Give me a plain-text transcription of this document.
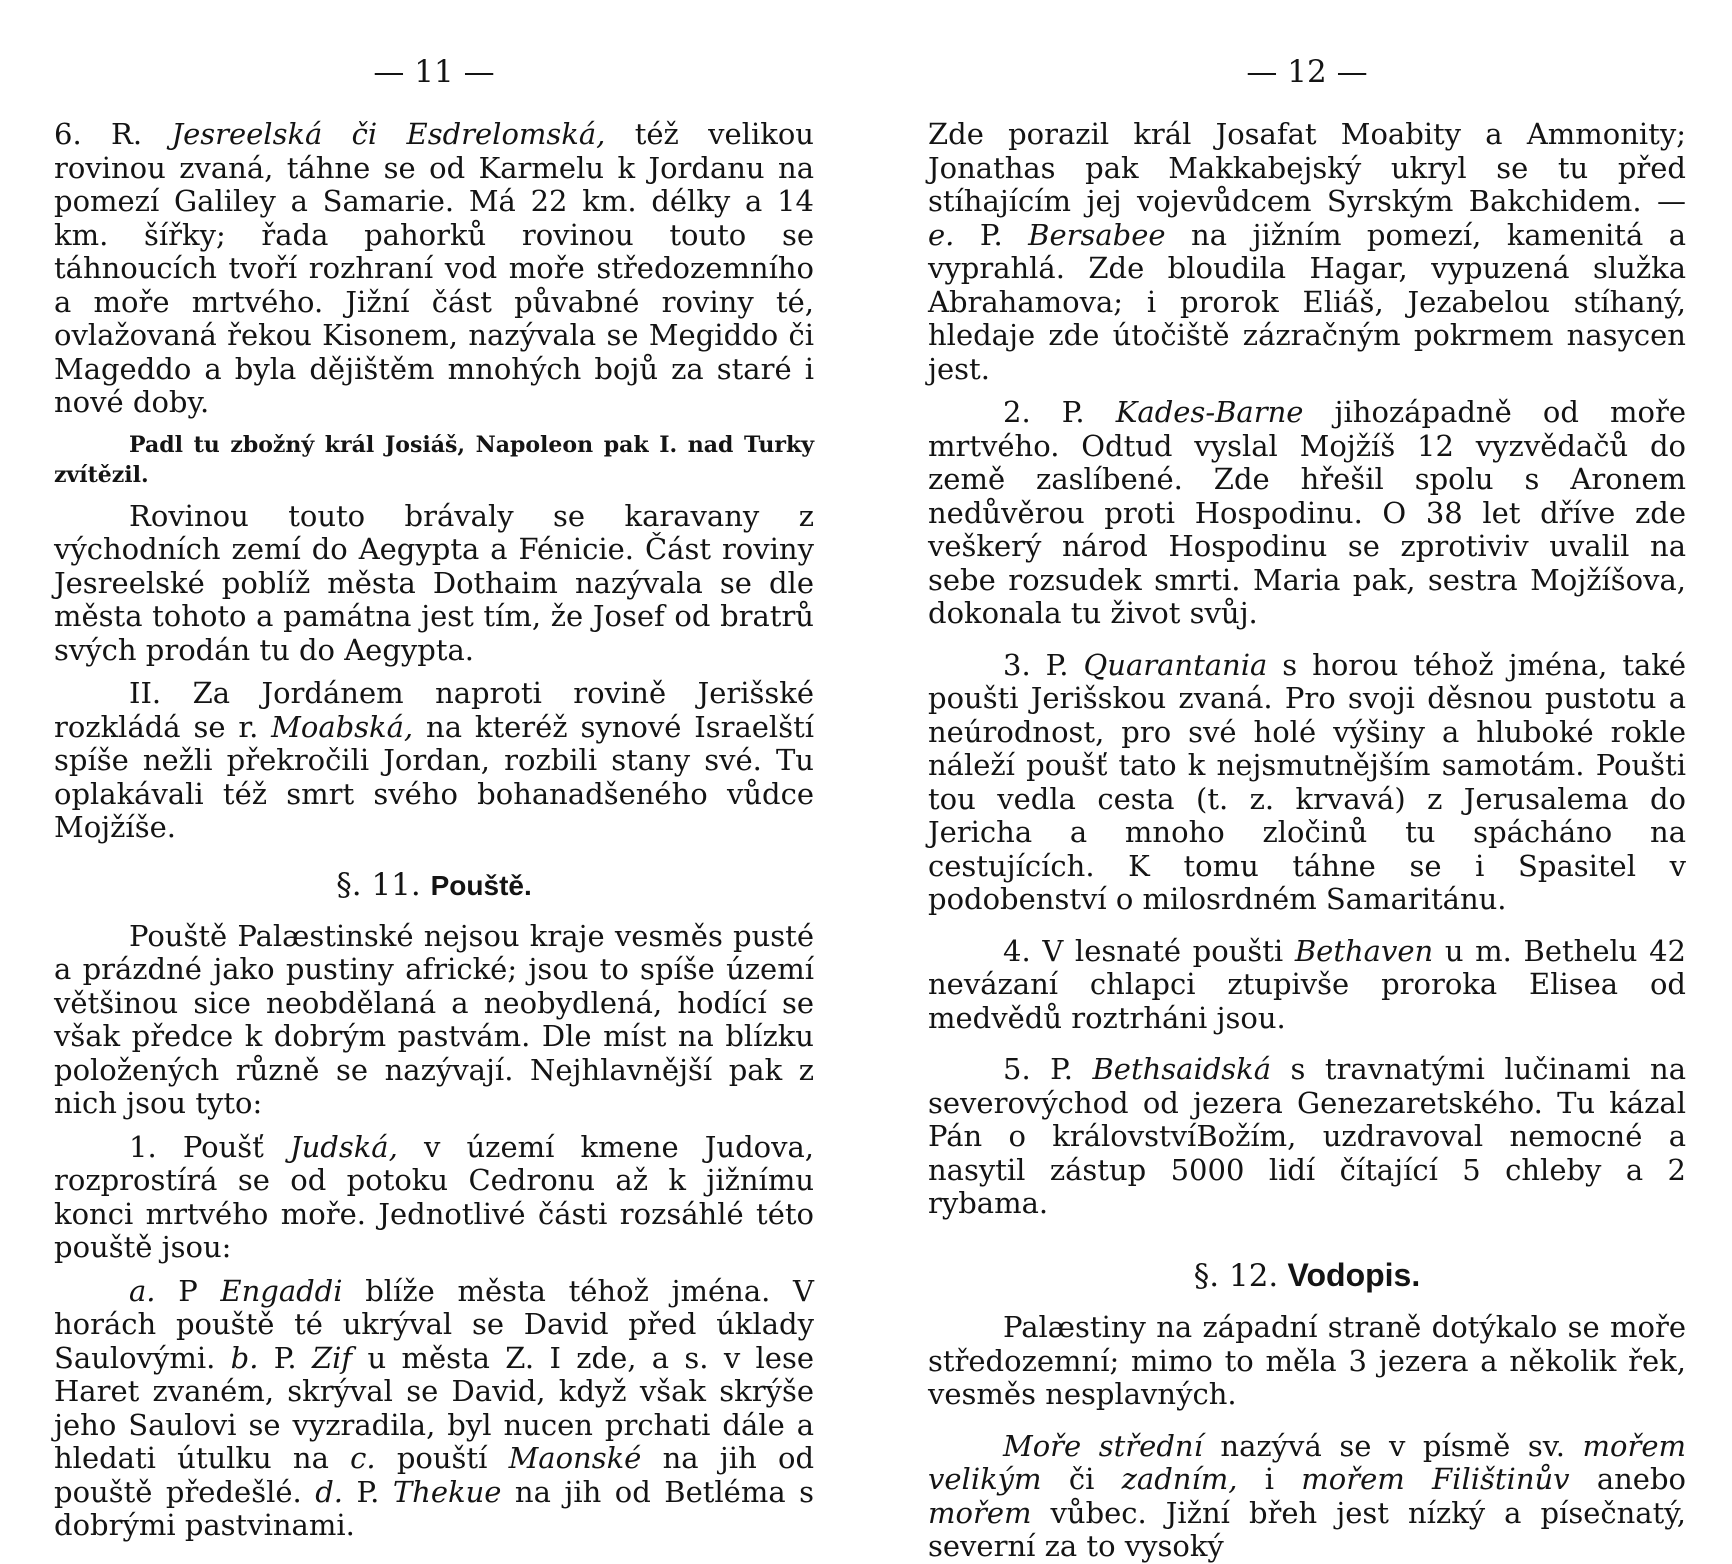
— 11 —

6. R. Jesreelská či Esdrelomská, též velikou rovinou zvaná, táhne se od Karmelu k Jordanu na pomezí Galiley a Samarie. Má 22 km. délky a 14 km. šířky; řada pahorků rovinou touto se táhnoucích tvoří rozhraní vod moře středozemního a moře mrtvého. Jižní část půvabné roviny té, ovlažovaná řekou Kisonem, nazývala se Megiddo či Mageddo a byla dějištěm mnohých bojů za staré i nové doby.

Padl tu zbožný král Josiáš, Napoleon pak I. nad Turky zvítězil.

Rovinou touto brávaly se karavany z východních zemí do Aegypta a Fénicie. Část roviny Jesreelské poblíž města Dothaim nazývala se dle města tohoto a památna jest tím, že Josef od bratrů svých prodán tu do Aegypta.

II. Za Jordánem naproti rovině Jerišské rozkládá se r. Moabská, na kteréž synové Israelští spíše nežli překročili Jordan, rozbili stany své. Tu oplakávali též smrt svého bohanadšeného vůdce Mojžíše.

§. 11. Pouště.

Pouště Palæstinské nejsou kraje vesměs pusté a prázdné jako pustiny africké; jsou to spíše území většinou sice neobdělaná a neobydlená, hodící se však předce k dobrým pastvám. Dle míst na blízku položených různě se nazývají. Nejhlavnější pak z nich jsou tyto:

1. Poušť Judská, v území kmene Judova, rozprostírá se od potoku Cedronu až k jižnímu konci mrtvého moře. Jednotlivé části rozsáhlé této pouště jsou:

a. P Engaddi blíže města téhož jména. V horách pouště té ukrýval se David před úklady Saulovými. b. P. Zif u města Z. I zde, a s. v lese Haret zvaném, skrýval se David, když však skrýše jeho Saulovi se vyzradila, byl nucen prchati dále a hledati útulku na c. pouští Maonské na jih od pouště předešlé. d. P. Thekue na jih od Betléma s dobrými pastvinami.

— 12 —

Zde porazil král Josafat Moabity a Ammonity; Jonathas pak Makkabejský ukryl se tu před stíhajícím jej vojevůdcem Syrským Bakchidem. — e. P. Bersabee na jižním pomezí, kamenitá a vyprahlá. Zde bloudila Hagar, vypuzená služka Abrahamova; i prorok Eliáš, Jezabelou stíhaný, hledaje zde útočiště zázračným pokrmem nasycen jest.

2. P. Kades-Barne jihozápadně od moře mrtvého. Odtud vyslal Mojžíš 12 vyzvědačů do země zaslíbené. Zde hřešil spolu s Aronem nedůvěrou proti Hospodinu. O 38 let dříve zde veškerý národ Hospodinu se zprotiviv uvalil na sebe rozsudek smrti. Maria pak, sestra Mojžíšova, dokonala tu život svůj.

3. P. Quarantania s horou téhož jména, také poušti Jerišskou zvaná. Pro svoji děsnou pustotu a neúrodnost, pro své holé výšiny a hluboké rokle náleží poušť tato k nejsmutnějším samotám. Poušti tou vedla cesta (t. z. krvavá) z Jerusalema do Jericha a mnoho zločinů tu spácháno na cestujících. K tomu táhne se i Spasitel v podobenství o milosrdném Samaritánu.

4. V lesnaté poušti Bethaven u m. Bethelu 42 nevázaní chlapci ztupivše proroka Elisea od medvědů roztrháni jsou.

5. P. Bethsaidská s travnatými lučinami na severovýchod od jezera Genezaretského. Tu kázal Pán o královstvíBožím, uzdravoval nemocné a nasytil zástup 5000 lidí čítající 5 chleby a 2 rybama.

§. 12. Vodopis.

Palæstiny na západní straně dotýkalo se moře středozemní; mimo to měla 3 jezera a několik řek, vesměs nesplavných.

Moře střední nazývá se v písmě sv. mořem velikým či zadním, i mořem Filištinův anebo mořem vůbec. Jižní břeh jest nízký a písečnatý, severní za to vysoký
